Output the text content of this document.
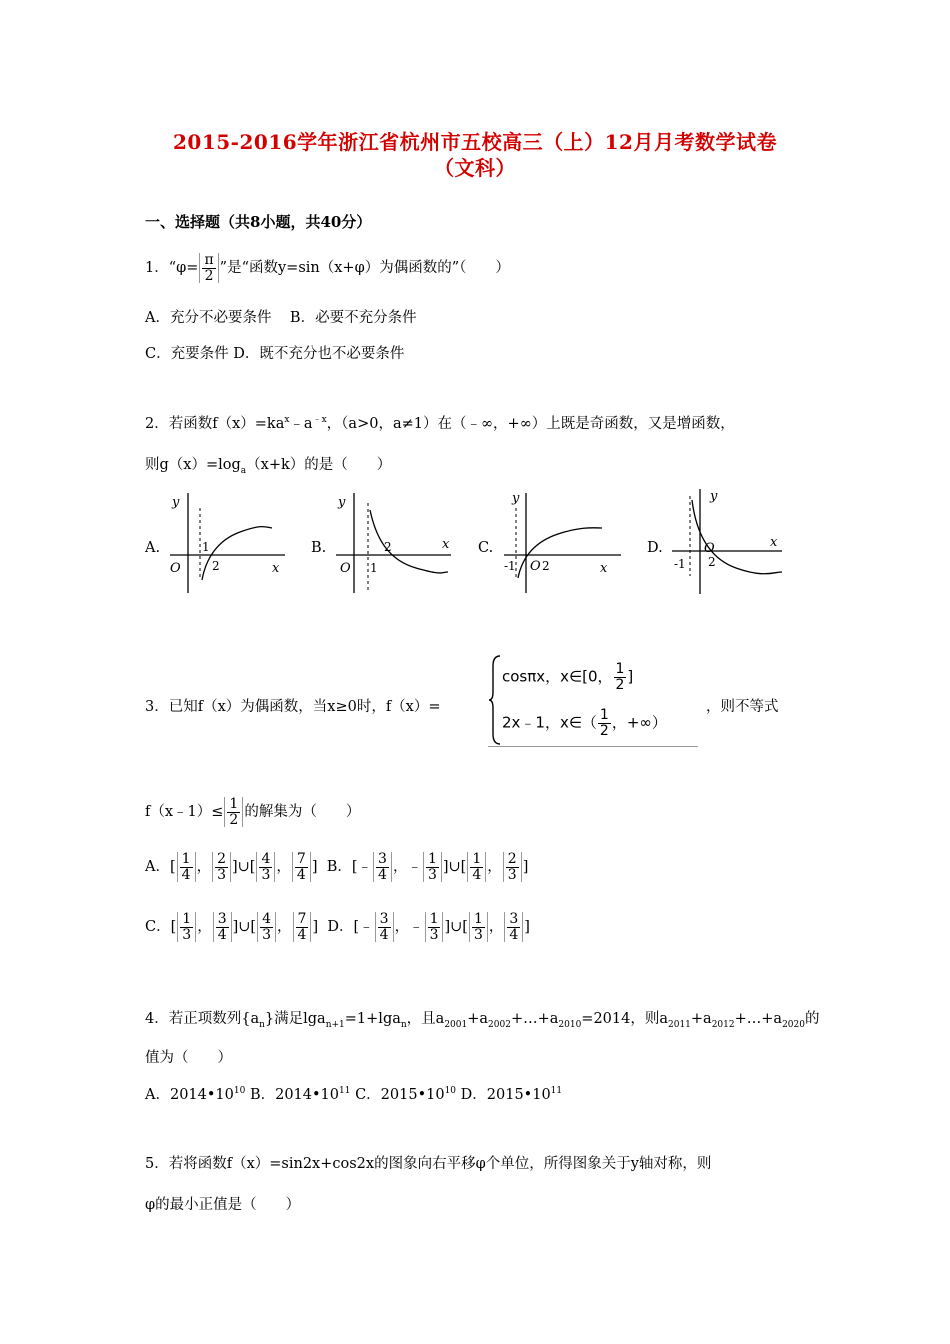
2015-2016学年浙江省杭州市五校高三（上）12月月考数学试卷
（文科）
一、选择题（共8小题，共40分）
1．“$\varphi= \frac{\pi}{2}$ ”是“函数y=sin（x+φ）为偶函数的”（　　）
A．充分不必要条件 B．必要不充分条件
C．充要条件 D．既不充分也不必要条件
2．若函数$f(x)=ka^x﹣a^{﹣x}$，（a>0，a≠1）在（﹣∞，+∞）上既是奇函数，又是增函数，
则$g(x)=\log_a(x+k)$的是（　　）
A.	B.	C.	D.
y
x
O
1
2
y
x
O 1
2
y
x
O
-1 2
y
x
O
-1 2
3．已知f（x）为偶函数，当x≥0时，f（x）=
cosπx，x∈[0， $\frac{1}{2}$ ]
2x﹣1，x∈（ $\frac{1}{2}$ ，+∞）
，则不等式
f（x﹣1）≤ $\frac{1}{2}$ 的解集为（　　）
A．[ $\frac{1}{4}$ ， $\frac{2}{3}$ ]∪[ $\frac{4}{3}$ ， $\frac{7}{4}$ ] B．[﹣ $\frac{3}{4}$ ，﹣ $\frac{1}{3}$ ]∪[ $\frac{1}{4}$ ， $\frac{2}{3}$ ]
C．[ $\frac{1}{3}$ ， $\frac{3}{4}$ ]∪[ $\frac{4}{3}$ ， $\frac{7}{4}$ ] D．[﹣ $\frac{3}{4}$ ，﹣ $\frac{1}{3}$ ]∪[ $\frac{1}{3}$ ， $\frac{3}{4}$ ]
4．若正项数列$\{a_n\}$满足lga$_{n+1}$=1+lga$_n$，且$a_{2001}+a_{2002}+\dots+a_{2010}=2014$，则$a_{2011}+a_{2012}+\dots+a_{2020}$的
值为（　　）
A．$2014•10^{10}$ B．$2014•10^{11}$ C．$2015•10^{10}$ D．$2015•10^{11}$
5．若将函数f（x）=sin2x+cos2x的图象向右平移φ个单位，所得图象关于y轴对称，则
φ的最小正值是（　　）
